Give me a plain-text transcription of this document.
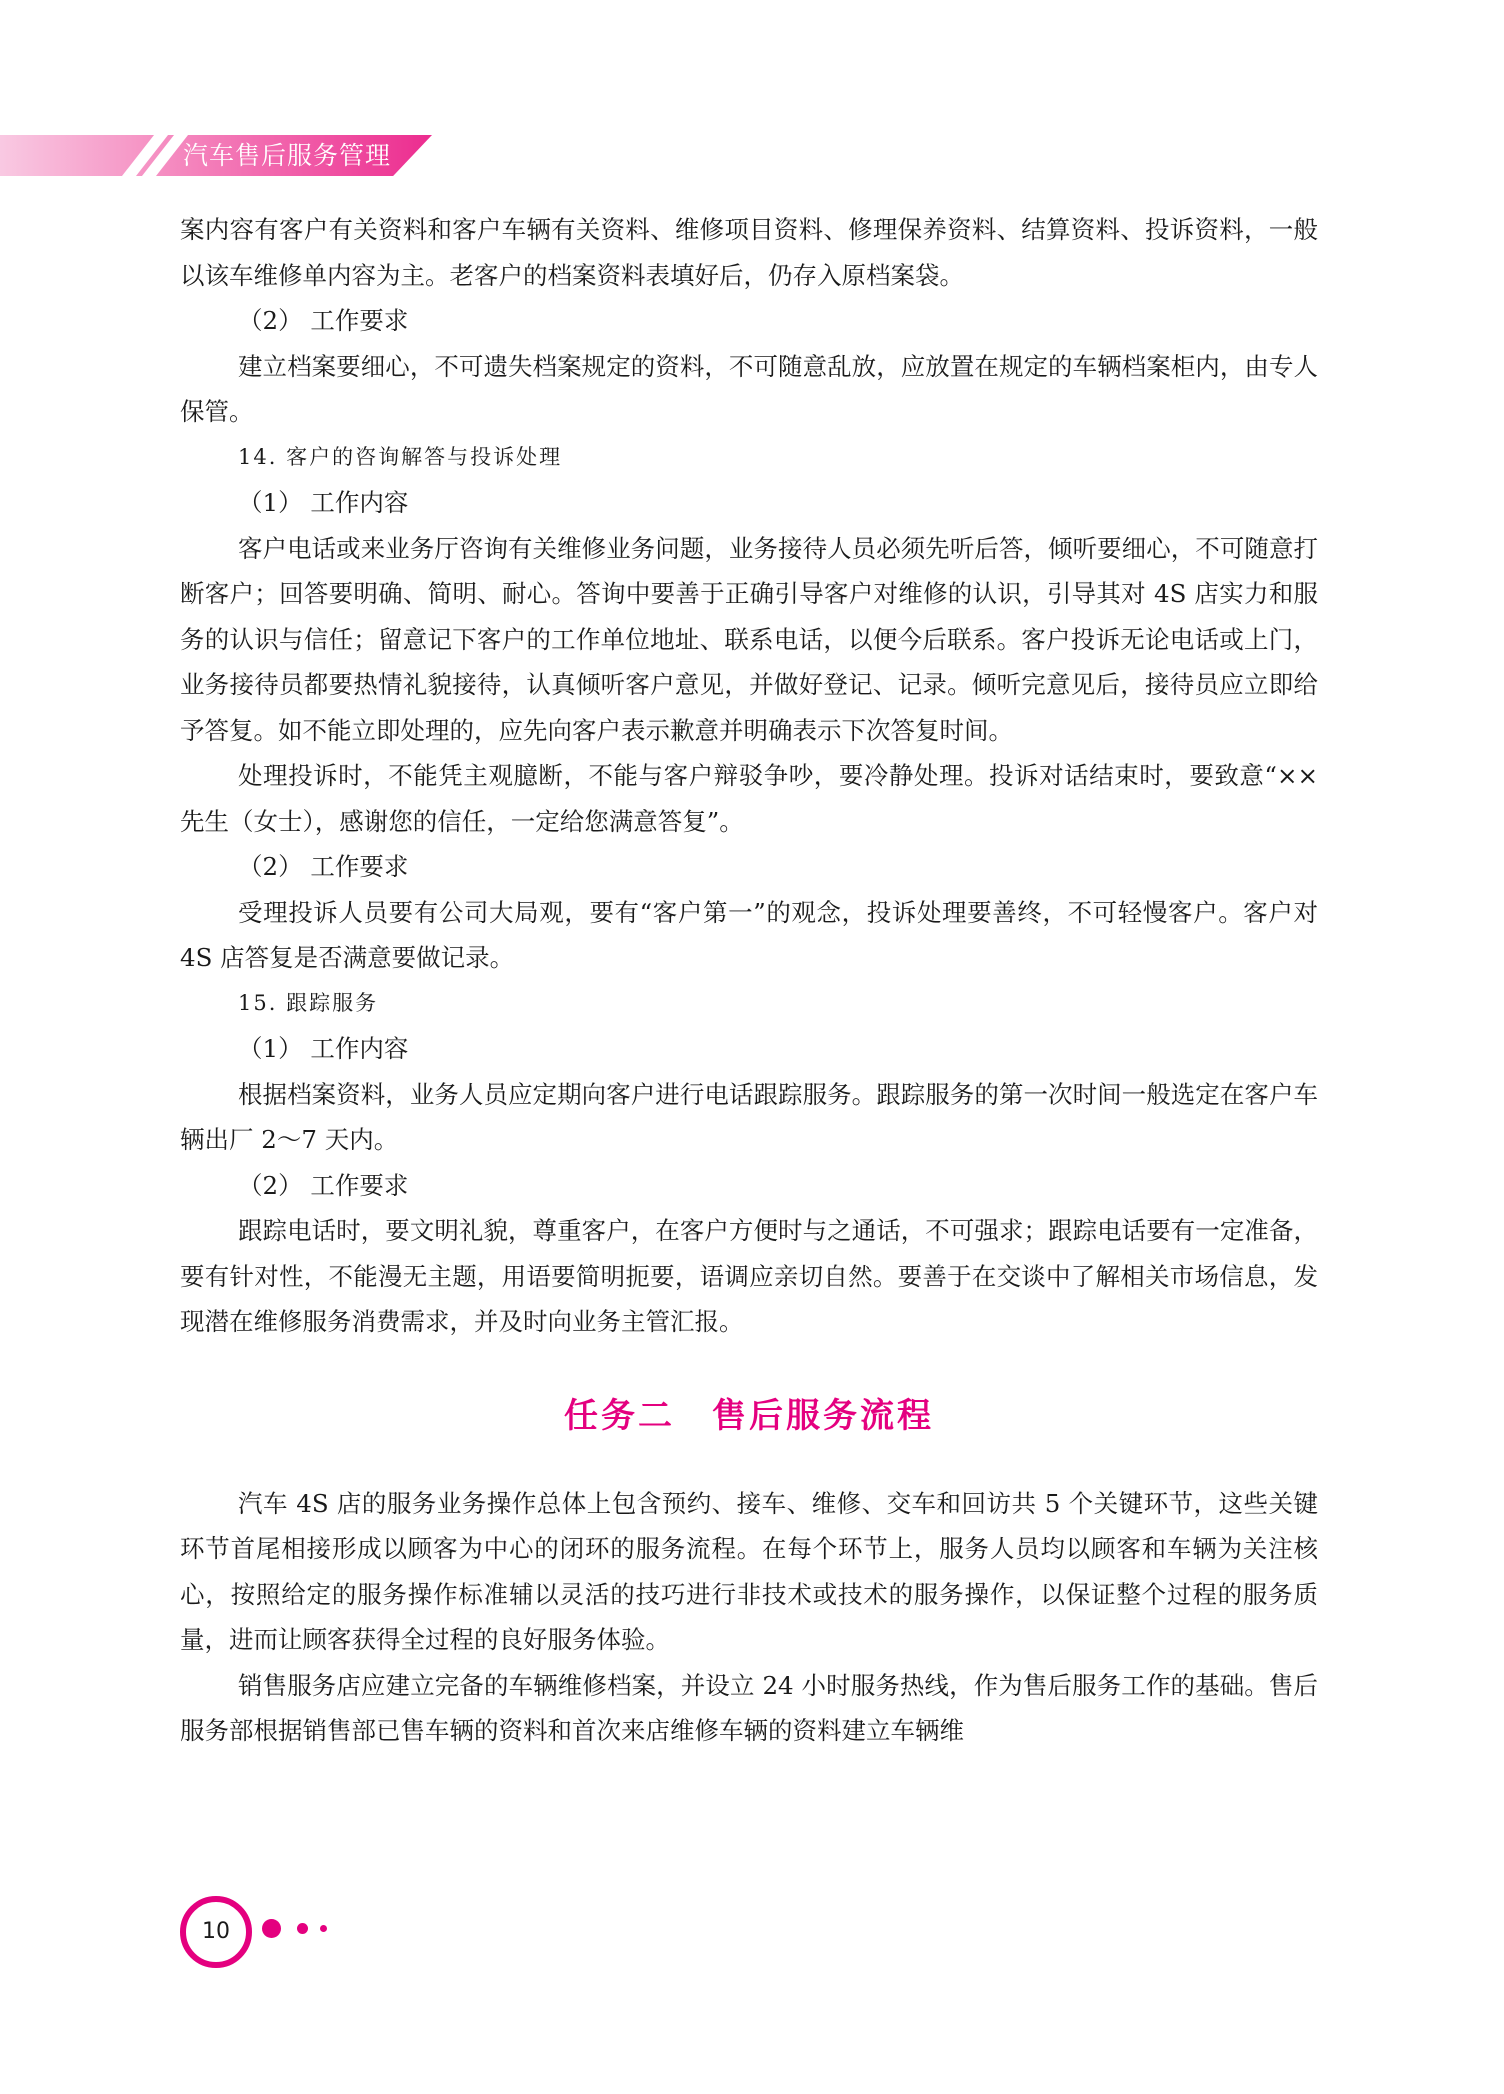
汽车售后服务管理

案内容有客户有关资料和客户车辆有关资料、维修项目资料、修理保养资料、结算资料、投诉资料，一般以该车维修单内容为主。老客户的档案资料表填好后，仍存入原档案袋。

（2） 工作要求

建立档案要细心，不可遗失档案规定的资料，不可随意乱放，应放置在规定的车辆档案柜内，由专人保管。

14. 客户的咨询解答与投诉处理

（1） 工作内容

客户电话或来业务厅咨询有关维修业务问题，业务接待人员必须先听后答，倾听要细心，不可随意打断客户；回答要明确、简明、耐心。答询中要善于正确引导客户对维修的认识，引导其对 4S 店实力和服务的认识与信任；留意记下客户的工作单位地址、联系电话，以便今后联系。客户投诉无论电话或上门，业务接待员都要热情礼貌接待，认真倾听客户意见，并做好登记、记录。倾听完意见后，接待员应立即给予答复。如不能立即处理的，应先向客户表示歉意并明确表示下次答复时间。

处理投诉时，不能凭主观臆断，不能与客户辩驳争吵，要冷静处理。投诉对话结束时，要致意“××先生（女士），感谢您的信任，一定给您满意答复”。

（2） 工作要求

受理投诉人员要有公司大局观，要有“客户第一”的观念，投诉处理要善终，不可轻慢客户。客户对 4S 店答复是否满意要做记录。

15. 跟踪服务

（1） 工作内容

根据档案资料，业务人员应定期向客户进行电话跟踪服务。跟踪服务的第一次时间一般选定在客户车辆出厂 2～7 天内。

（2） 工作要求

跟踪电话时，要文明礼貌，尊重客户，在客户方便时与之通话，不可强求；跟踪电话要有一定准备，要有针对性，不能漫无主题，用语要简明扼要，语调应亲切自然。要善于在交谈中了解相关市场信息，发现潜在维修服务消费需求，并及时向业务主管汇报。

任务二　售后服务流程

汽车 4S 店的服务业务操作总体上包含预约、接车、维修、交车和回访共 5 个关键环节，这些关键环节首尾相接形成以顾客为中心的闭环的服务流程。在每个环节上，服务人员均以顾客和车辆为关注核心，按照给定的服务操作标准辅以灵活的技巧进行非技术或技术的服务操作，以保证整个过程的服务质量，进而让顾客获得全过程的良好服务体验。

销售服务店应建立完备的车辆维修档案，并设立 24 小时服务热线，作为售后服务工作的基础。售后服务部根据销售部已售车辆的资料和首次来店维修车辆的资料建立车辆维

10
